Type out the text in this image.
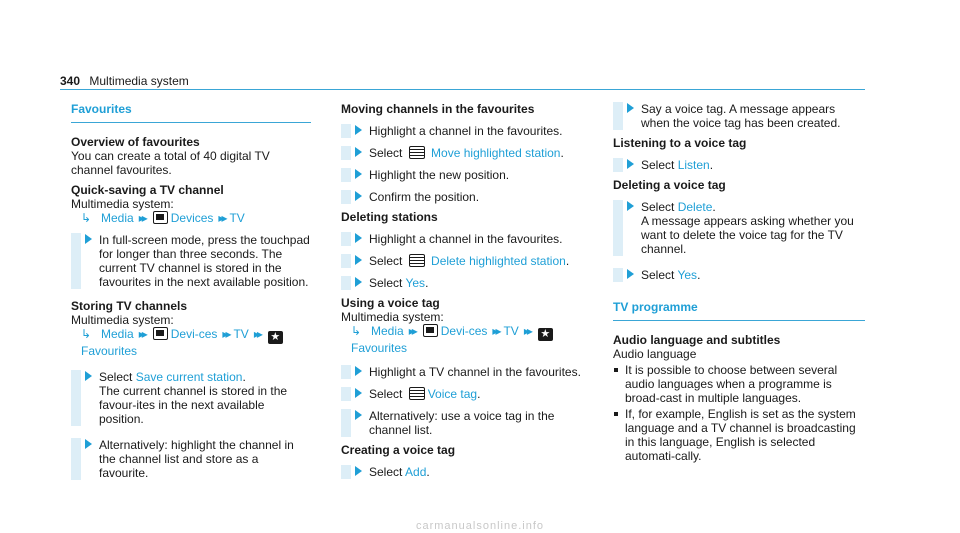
340 Multimedia system
Favourites
Overview of favourites
You can create a total of 40 digital TV channel favourites.
Quick-saving a TV channel
Multimedia system:
↳ Media ▸▸ Devices ▸▸ TV
In full-screen mode, press the touchpad for longer than three seconds. The current TV channel is stored in the favourites in the next available position.
Storing TV channels
Multimedia system:
↳ Media ▸▸ Devi-ces ▸▸ TV ▸▸ ★Favourites
Select Save current station.
The current channel is stored in the favour-ites in the next available position.
Alternatively: highlight the channel in the channel list and store as a favourite.
Moving channels in the favourites
Highlight a channel in the favourites.
Select Move highlighted station.
Highlight the new position.
Confirm the position.
Deleting stations
Highlight a channel in the favourites.
Select Delete highlighted station.
Select Yes.
Using a voice tag
Multimedia system:
↳ Media ▸▸ Devi-ces ▸▸ TV ▸▸ ★Favourites
Highlight a TV channel in the favourites.
Select Voice tag.
Alternatively: use a voice tag in the channel list.
Creating a voice tag
Select Add.
Say a voice tag. A message appears when the voice tag has been created.
Listening to a voice tag
Select Listen.
Deleting a voice tag
Select Delete.
A message appears asking whether you want to delete the voice tag for the TV channel.
Select Yes.
TV programme
Audio language and subtitles
Audio language
It is possible to choose between several audio languages when a programme is broad-cast in multiple languages.
If, for example, English is set as the system language and a TV channel is broadcasting in this language, English is selected automati-cally.
carmanualsonline.info
